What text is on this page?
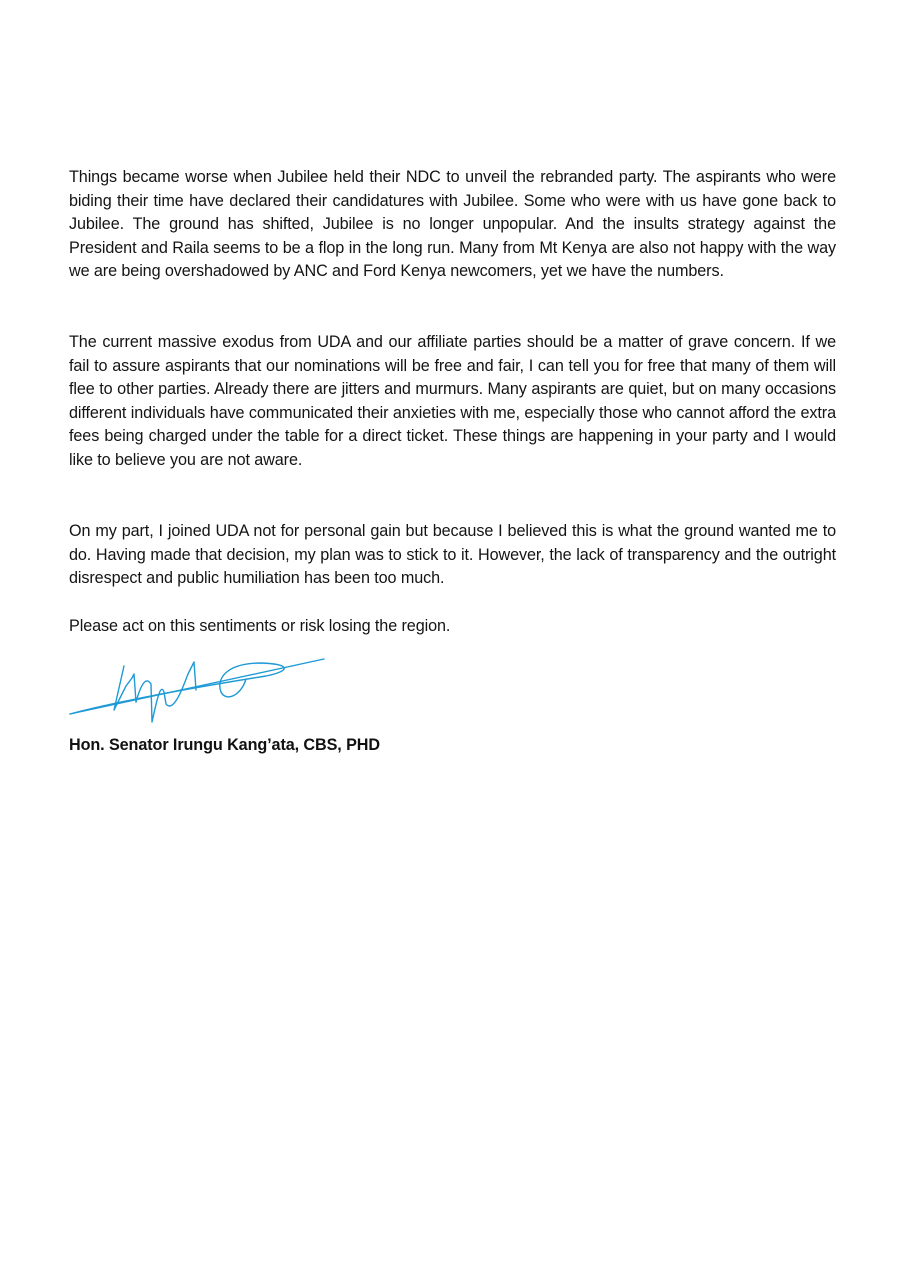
Things became worse when Jubilee held their NDC to unveil the rebranded party. The aspirants who were biding their time have declared their candidatures with Jubilee. Some who were with us have gone back to Jubilee. The ground has shifted, Jubilee is no longer unpopular. And the insults strategy against the President and Raila seems to be a flop in the long run. Many from Mt Kenya are also not happy with the way we are being overshadowed by ANC and Ford Kenya newcomers, yet we have the numbers.

The current massive exodus from UDA and our affiliate parties should be a matter of grave concern. If we fail to assure aspirants that our nominations will be free and fair, I can tell you for free that many of them will flee to other parties. Already there are jitters and murmurs. Many aspirants are quiet, but on many occasions different individuals have communicated their anxieties with me, especially those who cannot afford the extra fees being charged under the table for a direct ticket. These things are happening in your party and I would like to believe you are not aware.

On my part, I joined UDA not for personal gain but because I believed this is what the ground wanted me to do. Having made that decision, my plan was to stick to it. However, the lack of transparency and the outright disrespect and public humiliation has been too much.

Please act on this sentiments or risk losing the region.

Hon. Senator Irungu Kang’ata, CBS, PHD
